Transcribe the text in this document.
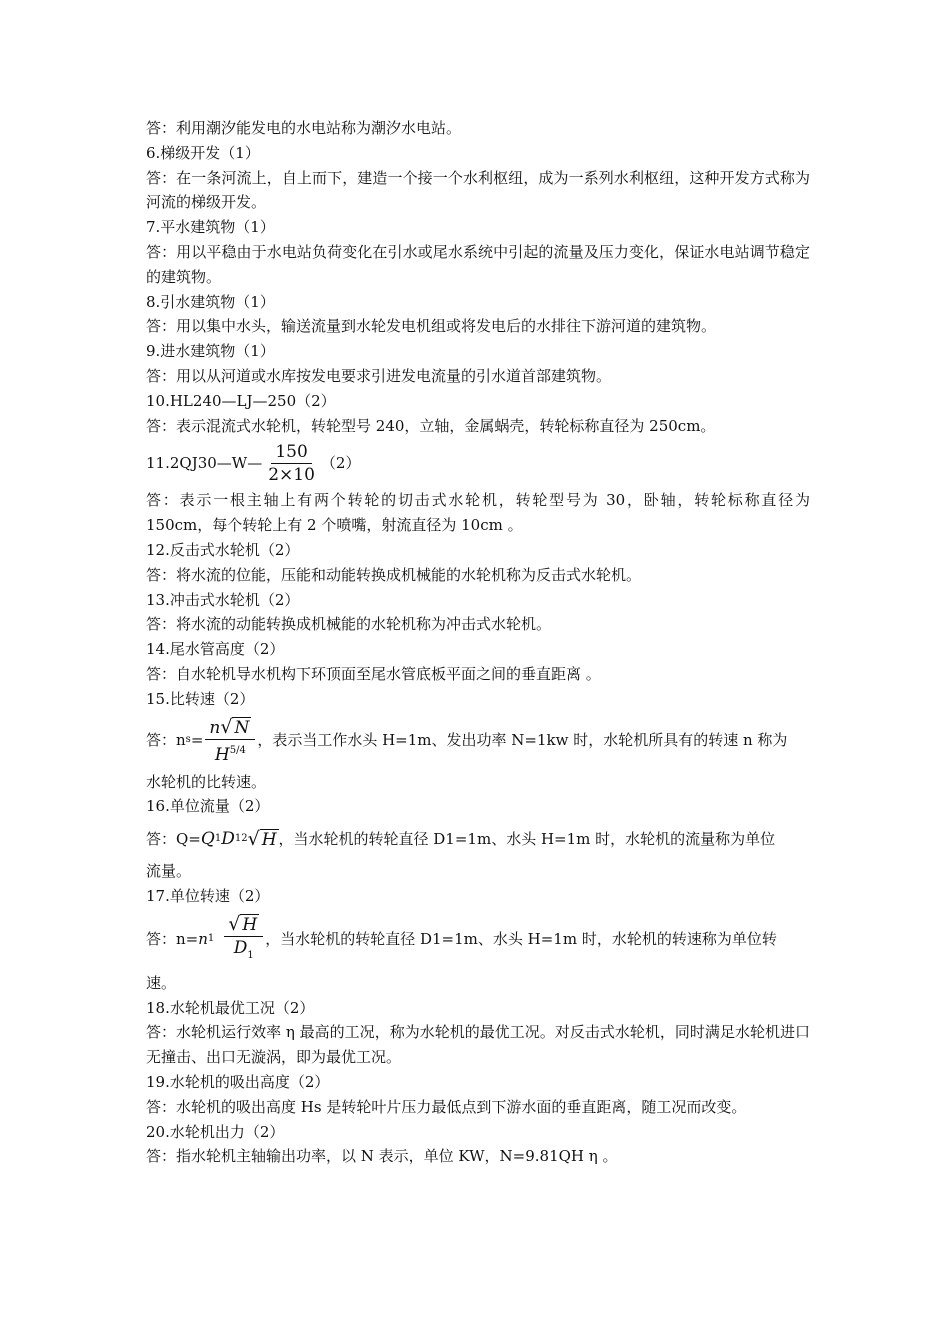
答：利用潮汐能发电的水电站称为潮汐水电站。
6.梯级开发（1）
答：在一条河流上，自上而下，建造一个接一个水利枢纽，成为一系列水利枢纽，这种开发方式称为河流的梯级开发。
7.平水建筑物（1）
答：用以平稳由于水电站负荷变化在引水或尾水系统中引起的流量及压力变化，保证水电站调节稳定的建筑物。
8.引水建筑物（1）
答：用以集中水头，输送流量到水轮发电机组或将发电后的水排往下游河道的建筑物。
9.进水建筑物（1）
答：用以从河道或水库按发电要求引进发电流量的引水道首部建筑物。
10.HL240—LJ—250（2）
答：表示混流式水轮机，转轮型号 240，立轴，金属蜗壳，转轮标称直径为 250cm。
11.2QJ30—W— $\frac{150}{2\times 10} (2)$
答：表示一根主轴上有两个转轮的切击式水轮机，转轮型号为 30，卧轴，转轮标称直径为 150cm，每个转轮上有 2 个喷嘴，射流直径为 10cm 。
12.反击式水轮机（2）
答：将水流的位能，压能和动能转换成机械能的水轮机称为反击式水轮机。
13.冲击式水轮机（2）
答：将水流的动能转换成机械能的水轮机称为冲击式水轮机。
14.尾水管高度（2）
答：自水轮机导水机构下环顶面至尾水管底板平面之间的垂直距离 。
15.比转速（2）
答：n $s = \frac{n √ N}{H^{5/4}}$ ，表示当工作水头 H=1m、发出功率 N=1kw 时，水轮机所具有的转速 n 称为
水轮机的比转速。
16.单位流量（2）
答：Q= Q 1 D 1 2 √ H ，当水轮机的转轮直径 D1=1m、水头 H=1m 时，水轮机的流量称为单位
流量。
17.单位转速（2）
答：n= n $1 \frac{√ H}{D_1}$ ，当水轮机的转轮直径 D1=1m、水头 H=1m 时，水轮机的转速称为单位转
速。
18.水轮机最优工况（2）
答：水轮机运行效率 η 最高的工况，称为水轮机的最优工况。对反击式水轮机，同时满足水轮机进口无撞击、出口无漩涡，即为最优工况。
19.水轮机的吸出高度（2）
答：水轮机的吸出高度 Hs 是转轮叶片压力最低点到下游水面的垂直距离，随工况而改变。
20.水轮机出力（2）
答：指水轮机主轴输出功率，以 N 表示，单位 KW，N=9.81QH η 。
